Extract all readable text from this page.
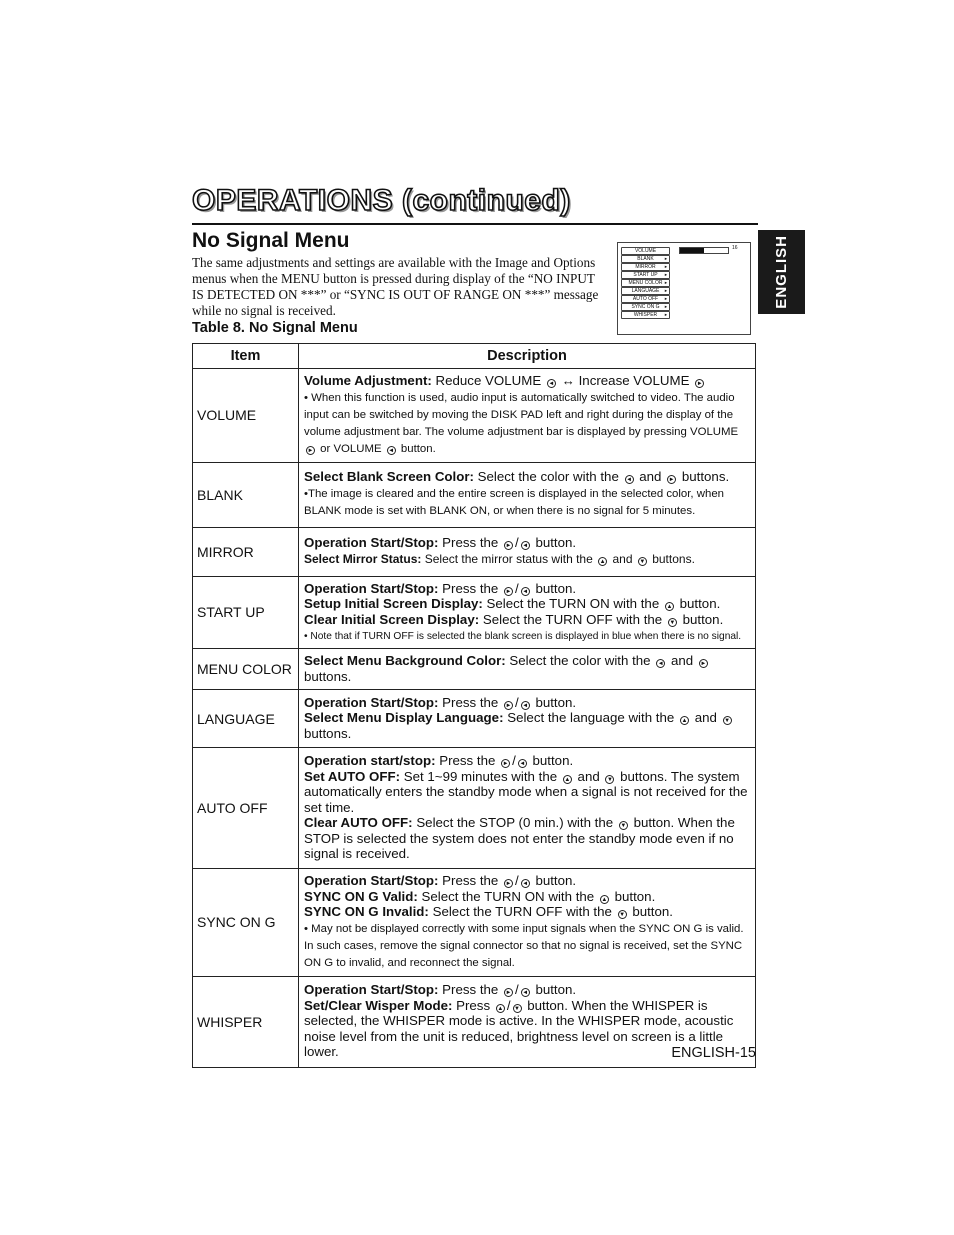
OPERATIONS (continued)
ENGLISH
No Signal Menu

The same adjustments and settings are available with the Image and Options menus when the MENU button is pressed during display of the “NO INPUT IS DETECTED ON ***” or “SYNC IS OUT OF RANGE ON ***” message while no signal is received.

Table 8. No Signal Menu
VOLUME
BLANK	►
MIRROR ►
START UP ►
MENU COLOR ►
LANGUAGE ►
AUTO OFF ►
SYNC ON G ►
WHISPER ►
16
Item	Description
VOLUME	Volume Adjustment: Reduce VOLUME ◄ ↔ Increase VOLUME ►
• When this function is used, audio input is automatically switched to video. The audio input can be switched by moving the DISK PAD left and right during the display of the volume adjustment bar. The volume adjustment bar is displayed by pressing VOLUME ► or VOLUME ◄ button.
BLANK	Select Blank Screen Color: Select the color with the ◄ and ► buttons.
•The image is cleared and the entire screen is displayed in the selected color, when BLANK mode is set with BLANK ON, or when there is no signal for 5 minutes.
MIRROR	Operation Start/Stop: Press the ► / ◄ button.
Select Mirror Status: Select the mirror status with the ▲ and ▼ buttons.
START UP	Operation Start/Stop: Press the ► / ◄ button.
Setup Initial Screen Display: Select the TURN ON with the ▲ button.
Clear Initial Screen Display: Select the TURN OFF with the ▼ button.
• Note that if TURN OFF is selected the blank screen is displayed in blue when there is no signal.
MENU COLOR	Select Menu Background Color: Select the color with the ◄ and ► buttons.
LANGUAGE	Operation Start/Stop: Press the ► / ◄ button.
Select Menu Display Language: Select the language with the ▲ and ▼ buttons.
AUTO OFF	Operation start/stop: Press the ► / ◄ button.
Set AUTO OFF: Set 1~99 minutes with the ▲ and ▼ buttons. The system automatically enters the standby mode when a signal is not received for the set time.
Clear AUTO OFF: Select the STOP (0 min.) with the ▼ button. When the STOP is selected the system does not enter the standby mode even if no signal is received.
SYNC ON G	Operation Start/Stop: Press the ► / ◄ button.
SYNC ON G Valid: Select the TURN ON with the ▲ button.
SYNC ON G Invalid: Select the TURN OFF with the ▼ button.
• May not be displayed correctly with some input signals when the SYNC ON G is valid. In such cases, remove the signal connector so that no signal is received, set the SYNC ON G to invalid, and reconnect the signal.
WHISPER	Operation Start/Stop: Press the ► / ◄ button.
Set/Clear Wisper Mode: Press ▲ / ▼ button. When the WHISPER is selected, the WHISPER mode is active. In the WHISPER mode, acoustic noise level from the unit is reduced, brightness level on screen is a little lower.	ENGLISH-15
